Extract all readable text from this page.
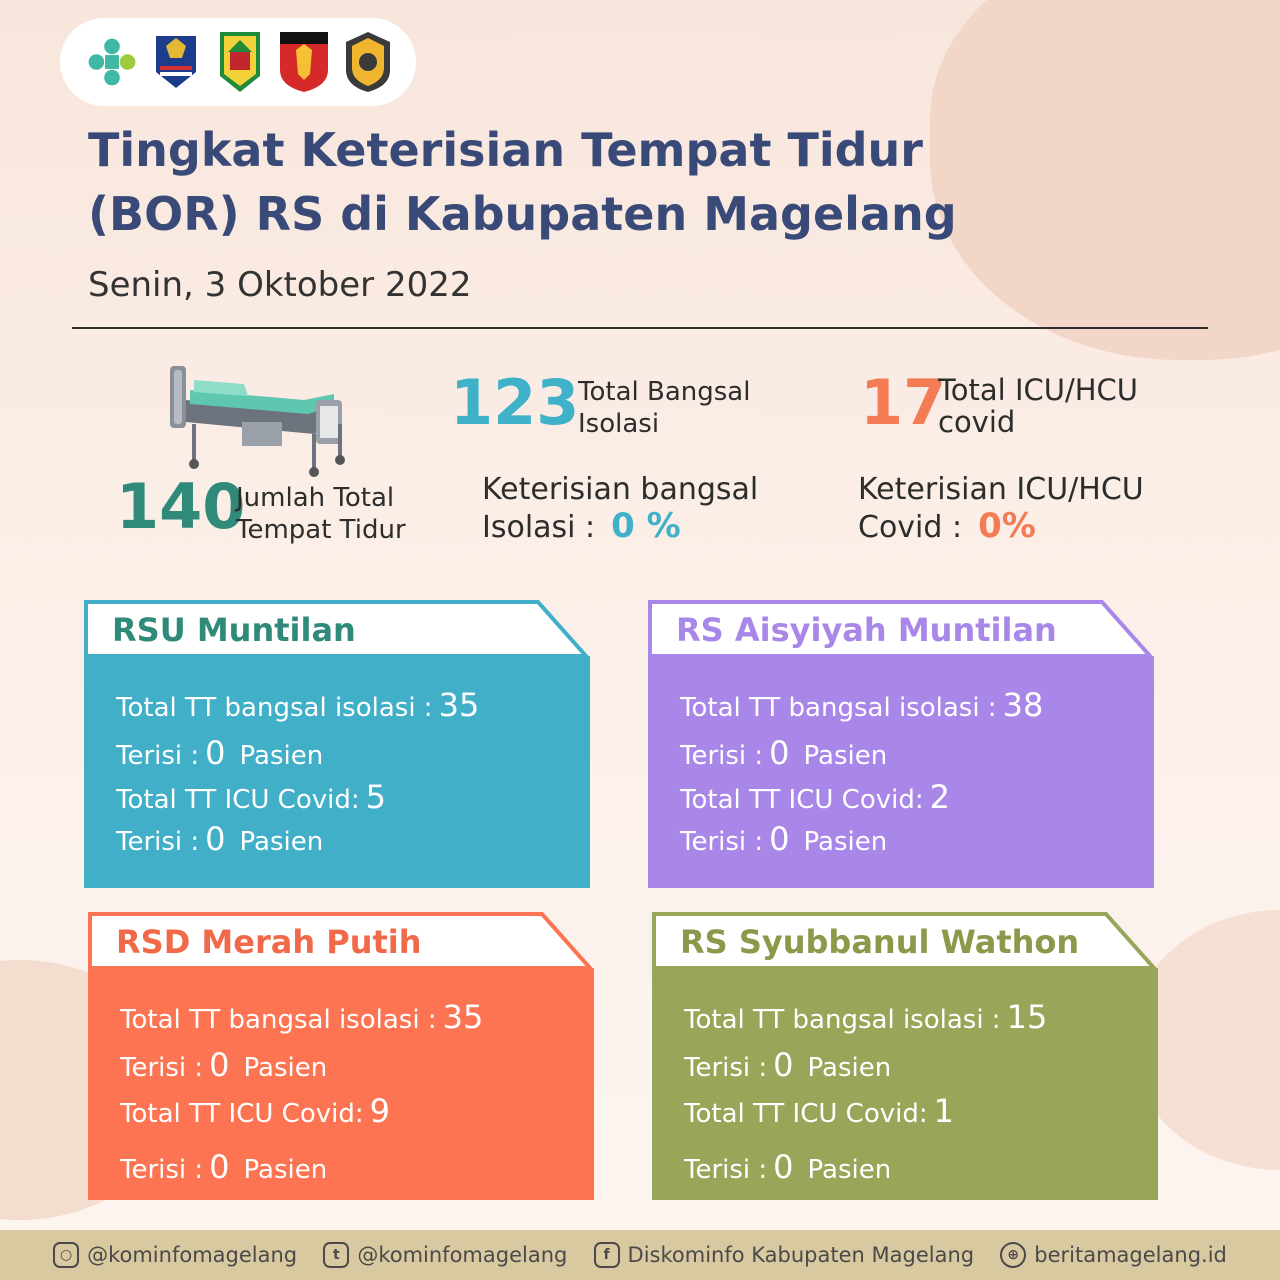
Tingkat Keterisian Tempat Tidur
(BOR) RS di Kabupaten Magelang
Senin, 3 Oktober 2022
140
Jumlah Total
Tempat Tidur
123
Total Bangsal
Isolasi	17
Total ICU/HCU
covid
Keterisian bangsal
Isolasi : 0 %
Keterisian ICU/HCU
Covid : 0%
RSU Muntilan
Total TT bangsal isolasi : 35
Terisi : 0 Pasien
Total TT ICU Covid: 5
Terisi : 0 Pasien
RS Aisyiyah Muntilan
Total TT bangsal isolasi : 38
Terisi : 0 Pasien
Total TT ICU Covid: 2
Terisi : 0 Pasien
RSD Merah Putih
Total TT bangsal isolasi : 35
Terisi : 0 Pasien
Total TT ICU Covid: 9
Terisi : 0 Pasien
RS Syubbanul Wathon
Total TT bangsal isolasi : 15
Terisi : 0 Pasien
Total TT ICU Covid: 1
Terisi : 0 Pasien
○ @kominfomagelang	t @kominfomagelang	f Diskominfo Kabupaten Magelang	⊕ beritamagelang.id
